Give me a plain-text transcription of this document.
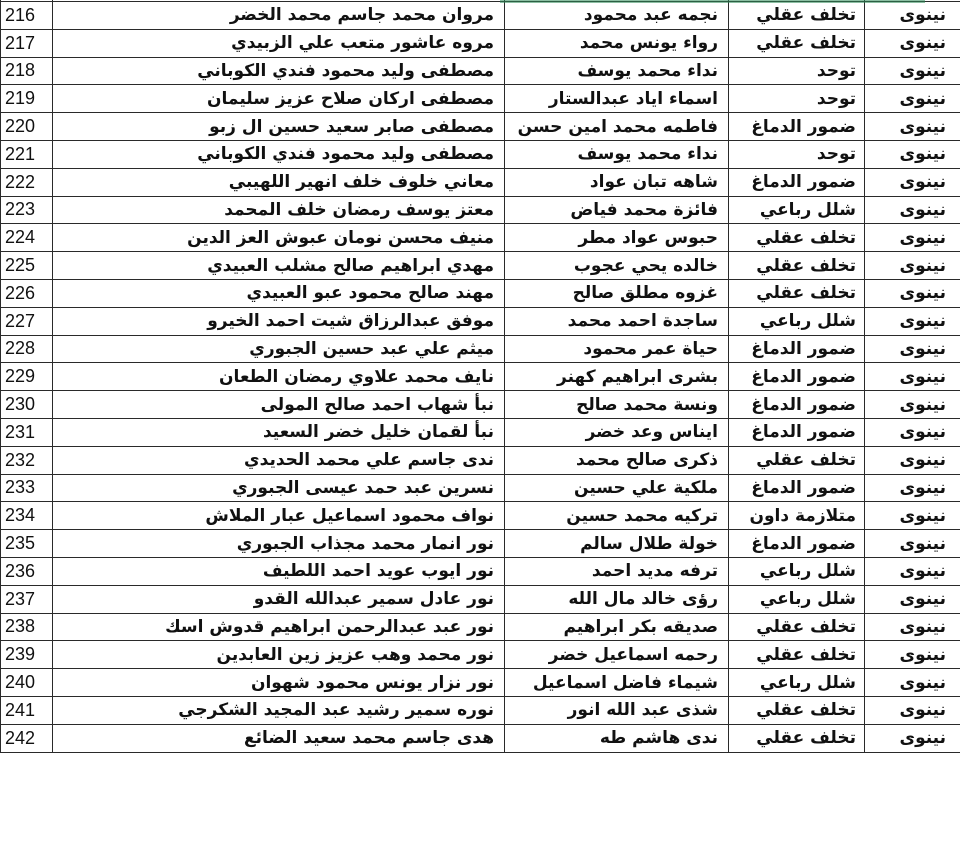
216	مروان محمد جاسم محمد الخضر	نجمه عبد محمود	تخلف عقلي	نينوى
217	مروه عاشور متعب علي الزبيدي	رواء يونس محمد	تخلف عقلي	نينوى
218	مصطفى وليد محمود فندي الكوباني	نداء محمد يوسف	توحد	نينوى
219	مصطفى اركان صلاح عزيز سليمان	اسماء اياد عبدالستار	توحد	نينوى
220	مصطفى صابر سعيد حسين ال زبو	فاطمه محمد امين حسن	ضمور الدماغ	نينوى
221	مصطفى وليد محمود فندي الكوباني	نداء محمد يوسف	توحد	نينوى
222	معاني خلوف خلف انهير اللهيبي	شاهه تبان عواد	ضمور الدماغ	نينوى
223	معتز يوسف رمضان خلف المحمد	فائزة محمد فياض	شلل رباعي	نينوى
224	منيف محسن نومان عبوش العز الدين	حبوس عواد مطر	تخلف عقلي	نينوى
225	مهدي ابراهيم صالح مشلب العبيدي	خالده يحي عجوب	تخلف عقلي	نينوى
226	مهند صالح محمود عبو العبيدي	غزوه مطلق صالح	تخلف عقلي	نينوى
227	موفق عبدالرزاق شيت احمد الخيرو	ساجدة احمد محمد	شلل رباعي	نينوى
228	ميثم علي عبد حسين الجبوري	حياة عمر محمود	ضمور الدماغ	نينوى
229	نايف محمد علاوي رمضان الطعان	بشرى ابراهيم كهنر	ضمور الدماغ	نينوى
230	نبأ شهاب احمد صالح المولى	ونسة محمد صالح	ضمور الدماغ	نينوى
231	نبأ لقمان خليل خضر السعيد	ايناس وعد خضر	ضمور الدماغ	نينوى
232	ندى جاسم علي محمد الحديدي	ذكرى صالح محمد	تخلف عقلي	نينوى
233	نسرين عبد حمد عيسى الجبوري	ملكية علي حسين	ضمور الدماغ	نينوى
234	نواف محمود اسماعيل عبار الملاش	تركيه محمد حسين	متلازمة داون	نينوى
235	نور انمار محمد مجذاب الجبوري	خولة طلال سالم	ضمور الدماغ	نينوى
236	نور ايوب عويد احمد اللطيف	ترفه مديد احمد	شلل رباعي	نينوى
237	نور عادل سمير عبدالله القدو	رؤى خالد مال الله	شلل رباعي	نينوى
238	نور عبد عبدالرحمن ابراهيم قدوش اسك	صديقه بكر ابراهيم	تخلف عقلي	نينوى
239	نور محمد وهب عزيز زين العابدين	رحمه اسماعيل خضر	تخلف عقلي	نينوى
240	نور نزار يونس محمود شهوان	شيماء فاضل اسماعيل	شلل رباعي	نينوى
241	نوره سمير رشيد عبد المجيد الشكرجي	شذى عبد الله انور	تخلف عقلي	نينوى
242	هدى جاسم محمد سعيد الضائع	ندى هاشم طه	تخلف عقلي	نينوى
